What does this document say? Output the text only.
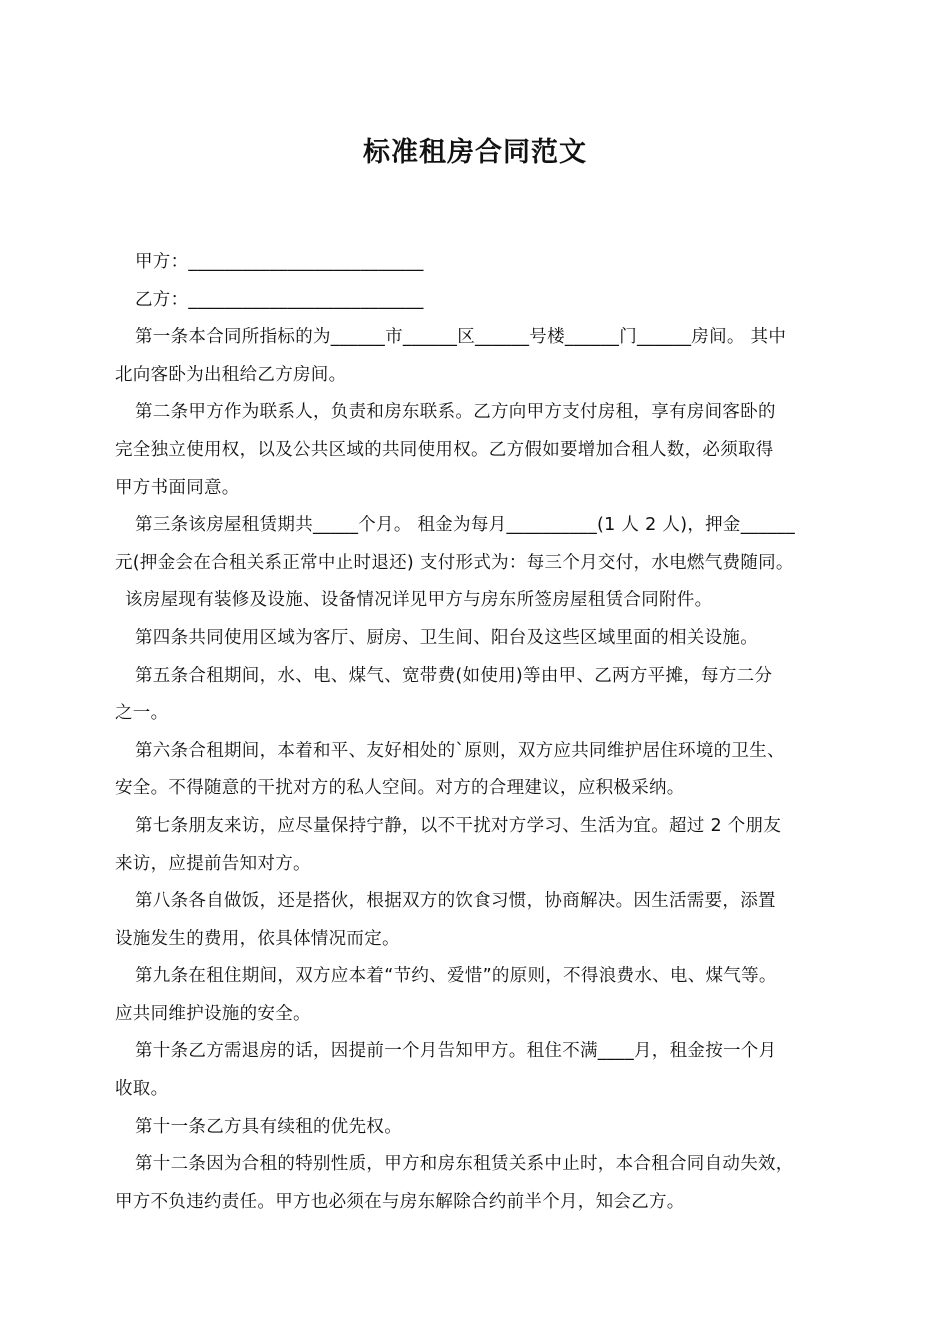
标准租房合同范文

甲方：__________________________

乙方：__________________________

第一条本合同所指标的为______市______区______号楼______门______房间。 其中

北向客卧为出租给乙方房间。

第二条甲方作为联系人，负责和房东联系。乙方向甲方支付房租，享有房间客卧的

完全独立使用权，以及公共区域的共同使用权。乙方假如要增加合租人数，必须取得

甲方书面同意。

第三条该房屋租赁期共_____个月。 租金为每月__________(1 人 2 人)，押金______

元(押金会在合租关系正常中止时退还) 支付形式为：每三个月交付，水电燃气费随同。

该房屋现有装修及设施、设备情况详见甲方与房东所签房屋租赁合同附件。

第四条共同使用区域为客厅、厨房、卫生间、阳台及这些区域里面的相关设施。

第五条合租期间，水、电、煤气、宽带费(如使用)等由甲、乙两方平摊，每方二分

之一。

第六条合租期间，本着和平、友好相处的`原则，双方应共同维护居住环境的卫生、

安全。不得随意的干扰对方的私人空间。对方的合理建议，应积极采纳。

第七条朋友来访，应尽量保持宁静，以不干扰对方学习、生活为宜。超过 2 个朋友

来访，应提前告知对方。

第八条各自做饭，还是搭伙，根据双方的饮食习惯，协商解决。因生活需要，添置

设施发生的费用，依具体情况而定。

第九条在租住期间，双方应本着“节约、爱惜”的原则，不得浪费水、电、煤气等。

应共同维护设施的安全。

第十条乙方需退房的话，因提前一个月告知甲方。租住不满____月，租金按一个月

收取。

第十一条乙方具有续租的优先权。

第十二条因为合租的特别性质，甲方和房东租赁关系中止时，本合租合同自动失效，

甲方不负违约责任。甲方也必须在与房东解除合约前半个月，知会乙方。
